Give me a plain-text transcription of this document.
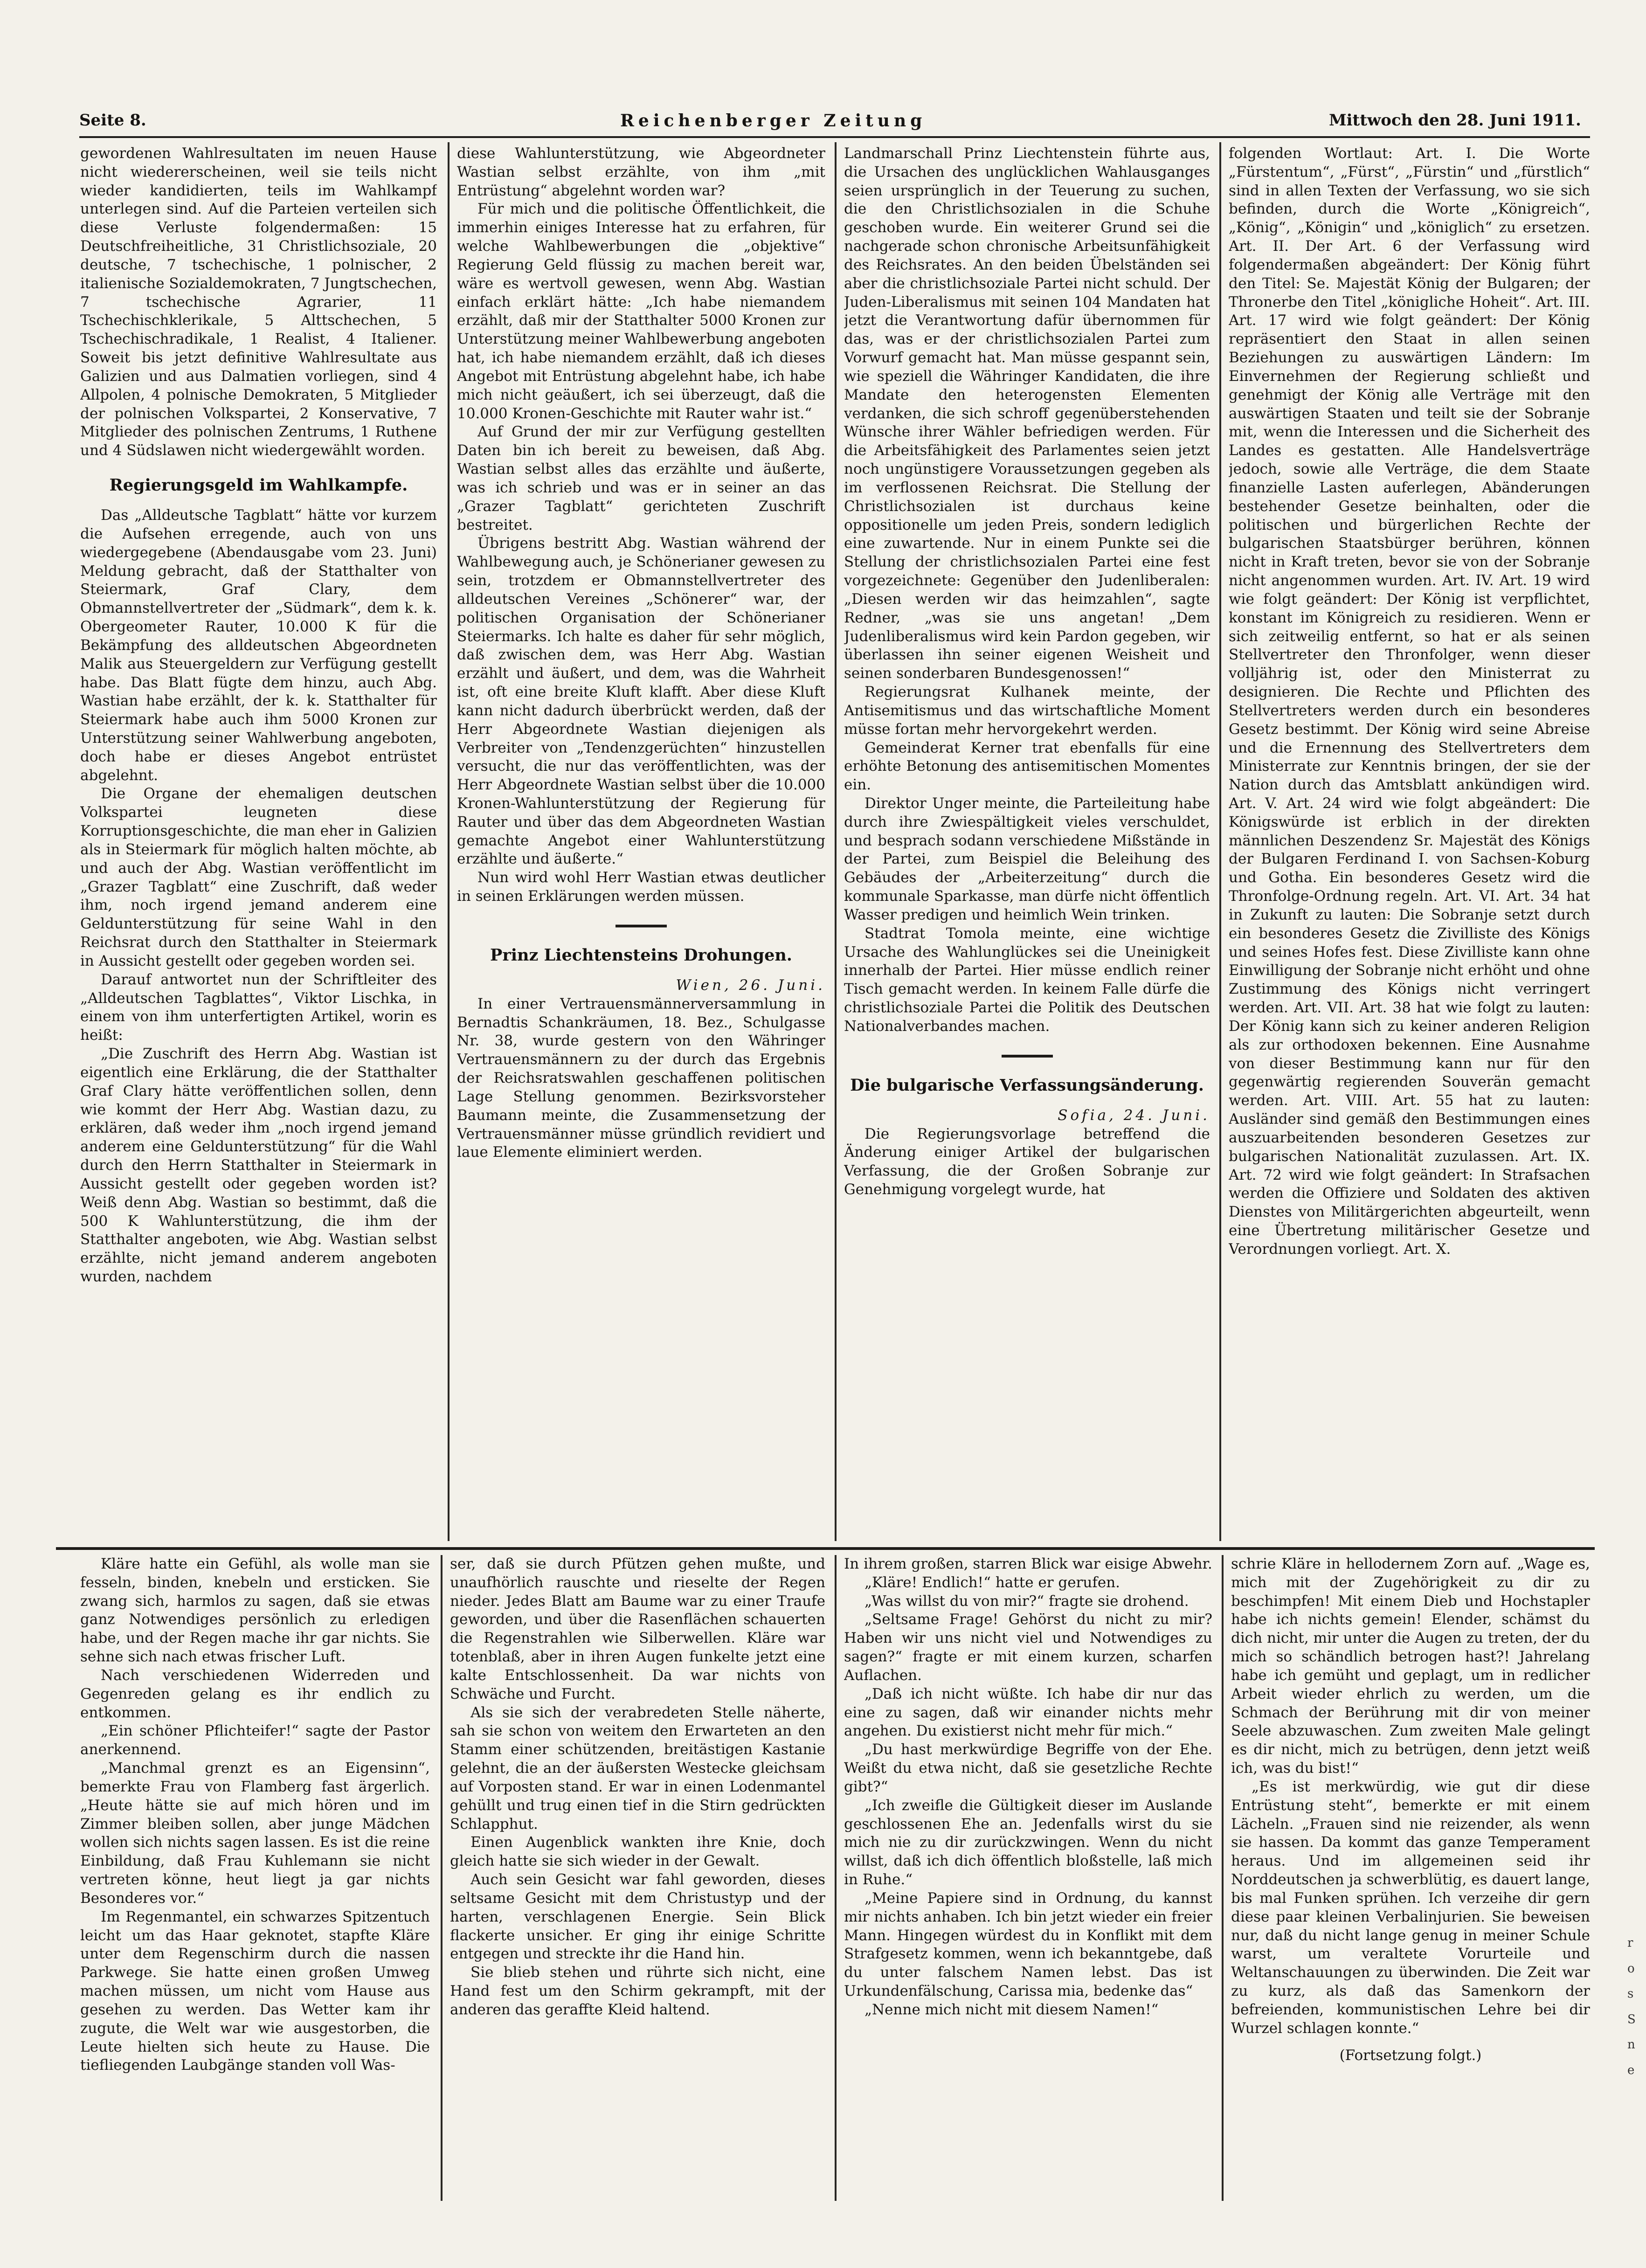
Seite 8.	Reichenberger Zeitung	Mittwoch den 28. Juni 1911.

gewordenen Wahlresultaten im neuen Hause nicht wiedererscheinen, weil sie teils nicht wieder kandidierten, teils im Wahlkampf unterlegen sind. Auf die Parteien verteilen sich diese Verluste folgendermaßen: 15 Deutschfreiheitliche, 31 Christlichsoziale, 20 deutsche, 7 tschechische, 1 polnischer, 2 italienische Sozialdemokraten, 7 Jungtschechen, 7 tschechische Agrarier, 11 Tschechischklerikale, 5 Alttschechen, 5 Tschechischradikale, 1 Realist, 4 Italiener. Soweit bis jetzt definitive Wahlresultate aus Galizien und aus Dalmatien vorliegen, sind 4 Allpolen, 4 polnische Demokraten, 5 Mitglieder der polnischen Volkspartei, 2 Konservative, 7 Mitglieder des polnischen Zentrums, 1 Ruthene und 4 Südslawen nicht wiedergewählt worden.

Regierungsgeld im Wahlkampfe.

Das „Alldeutsche Tagblatt“ hätte vor kurzem die Aufsehen erregende, auch von uns wiedergegebene (Abendausgabe vom 23. Juni) Meldung gebracht, daß der Statthalter von Steiermark, Graf Clary, dem Obmannstellvertreter der „Südmark“, dem k. k. Obergeometer Rauter, 10.000 K für die Bekämpfung des alldeutschen Abgeordneten Malik aus Steuergeldern zur Verfügung gestellt habe. Das Blatt fügte dem hinzu, auch Abg. Wastian habe erzählt, der k. k. Statthalter für Steiermark habe auch ihm 5000 Kronen zur Unterstützung seiner Wahlwerbung angeboten, doch habe er dieses Angebot entrüstet abgelehnt.

Die Organe der ehemaligen deutschen Volkspartei leugneten diese Korruptionsgeschichte, die man eher in Galizien als in Steiermark für möglich halten möchte, ab und auch der Abg. Wastian veröffentlicht im „Grazer Tagblatt“ eine Zuschrift, daß weder ihm, noch irgend jemand anderem eine Geldunterstützung für seine Wahl in den Reichsrat durch den Statthalter in Steiermark in Aussicht gestellt oder gegeben worden sei.

Darauf antwortet nun der Schriftleiter des „Alldeutschen Tagblattes“, Viktor Lischka, in einem von ihm unterfertigten Artikel, worin es heißt:

„Die Zuschrift des Herrn Abg. Wastian ist eigentlich eine Erklärung, die der Statthalter Graf Clary hätte veröffentlichen sollen, denn wie kommt der Herr Abg. Wastian dazu, zu erklären, daß weder ihm „noch irgend jemand anderem eine Geldunterstützung“ für die Wahl durch den Herrn Statthalter in Steiermark in Aussicht gestellt oder gegeben worden ist? Weiß denn Abg. Wastian so bestimmt, daß die 500 K Wahlunterstützung, die ihm der Statthalter angeboten, wie Abg. Wastian selbst erzählte, nicht jemand anderem angeboten wurden, nachdem

diese Wahlunterstützung, wie Abgeordneter Wastian selbst erzählte, von ihm „mit Entrüstung“ abgelehnt worden war?

Für mich und die politische Öffentlichkeit, die immerhin einiges Interesse hat zu erfahren, für welche Wahlbewerbungen die „objektive“ Regierung Geld flüssig zu machen bereit war, wäre es wertvoll gewesen, wenn Abg. Wastian einfach erklärt hätte: „Ich habe niemandem erzählt, daß mir der Statthalter 5000 Kronen zur Unterstützung meiner Wahlbewerbung angeboten hat, ich habe niemandem erzählt, daß ich dieses Angebot mit Entrüstung abgelehnt habe, ich habe mich nicht geäußert, ich sei überzeugt, daß die 10.000 Kronen-Geschichte mit Rauter wahr ist.“

Auf Grund der mir zur Verfügung gestellten Daten bin ich bereit zu beweisen, daß Abg. Wastian selbst alles das erzählte und äußerte, was ich schrieb und was er in seiner an das „Grazer Tagblatt“ gerichteten Zuschrift bestreitet.

Übrigens bestritt Abg. Wastian während der Wahlbewegung auch, je Schönerianer gewesen zu sein, trotzdem er Obmannstellvertreter des alldeutschen Vereines „Schönerer“ war, der politischen Organisation der Schönerianer Steiermarks. Ich halte es daher für sehr möglich, daß zwischen dem, was Herr Abg. Wastian erzählt und äußert, und dem, was die Wahrheit ist, oft eine breite Kluft klafft. Aber diese Kluft kann nicht dadurch überbrückt werden, daß der Herr Abgeordnete Wastian diejenigen als Verbreiter von „Tendenzgerüchten“ hinzustellen versucht, die nur das veröffentlichten, was der Herr Abgeordnete Wastian selbst über die 10.000 Kronen-Wahlunterstützung der Regierung für Rauter und über das dem Abgeordneten Wastian gemachte Angebot einer Wahlunterstützung erzählte und äußerte.“

Nun wird wohl Herr Wastian etwas deutlicher in seinen Erklärungen werden müssen.

Prinz Liechtensteins Drohungen.

Wien, 26. Juni.

In einer Vertrauensmännerversammlung in Bernadtis Schankräumen, 18. Bez., Schulgasse Nr. 38, wurde gestern von den Währinger Vertrauensmännern zu der durch das Ergebnis der Reichsratswahlen geschaffenen politischen Lage Stellung genommen. Bezirksvorsteher Baumann meinte, die Zusammensetzung der Vertrauensmänner müsse gründlich revidiert und laue Elemente eliminiert werden.

Landmarschall Prinz Liechtenstein führte aus, die Ursachen des unglücklichen Wahlausganges seien ursprünglich in der Teuerung zu suchen, die den Christlichsozialen in die Schuhe geschoben wurde. Ein weiterer Grund sei die nachgerade schon chronische Arbeitsunfähigkeit des Reichsrates. An den beiden Übelständen sei aber die christlichsoziale Partei nicht schuld. Der Juden-Liberalismus mit seinen 104 Mandaten hat jetzt die Verantwortung dafür übernommen für das, was er der christlichsozialen Partei zum Vorwurf gemacht hat. Man müsse gespannt sein, wie speziell die Währinger Kandidaten, die ihre Mandate den heterogensten Elementen verdanken, die sich schroff gegenüberstehenden Wünsche ihrer Wähler befriedigen werden. Für die Arbeitsfähigkeit des Parlamentes seien jetzt noch ungünstigere Voraussetzungen gegeben als im verflossenen Reichsrat. Die Stellung der Christlichsozialen ist durchaus keine oppositionelle um jeden Preis, sondern lediglich eine zuwartende. Nur in einem Punkte sei die Stellung der christlichsozialen Partei eine fest vorgezeichnete: Gegenüber den Judenliberalen: „Diesen werden wir das heimzahlen“, sagte Redner, „was sie uns angetan! „Dem Judenliberalismus wird kein Pardon gegeben, wir überlassen ihn seiner eigenen Weisheit und seinen sonderbaren Bundesgenossen!“

Regierungsrat Kulhanek meinte, der Antisemitismus und das wirtschaftliche Moment müsse fortan mehr hervorgekehrt werden.

Gemeinderat Kerner trat ebenfalls für eine erhöhte Betonung des antisemitischen Momentes ein.

Direktor Unger meinte, die Parteileitung habe durch ihre Zwiespältigkeit vieles verschuldet, und besprach sodann verschiedene Mißstände in der Partei, zum Beispiel die Beleihung des Gebäudes der „Arbeiterzeitung“ durch die kommunale Sparkasse, man dürfe nicht öffentlich Wasser predigen und heimlich Wein trinken.

Stadtrat Tomola meinte, eine wichtige Ursache des Wahlunglückes sei die Uneinigkeit innerhalb der Partei. Hier müsse endlich reiner Tisch gemacht werden. In keinem Falle dürfe die christlichsoziale Partei die Politik des Deutschen Nationalverbandes machen.

Die bulgarische Verfassungsänderung.

Sofia, 24. Juni.

Die Regierungsvorlage betreffend die Änderung einiger Artikel der bulgarischen Verfassung, die der Großen Sobranje zur Genehmigung vorgelegt wurde, hat

folgenden Wortlaut: Art. I. Die Worte „Fürstentum“, „Fürst“, „Fürstin“ und „fürstlich“ sind in allen Texten der Verfassung, wo sie sich befinden, durch die Worte „Königreich“, „König“, „Königin“ und „königlich“ zu ersetzen. Art. II. Der Art. 6 der Verfassung wird folgendermaßen abgeändert: Der König führt den Titel: Se. Majestät König der Bulgaren; der Thronerbe den Titel „königliche Hoheit“. Art. III. Art. 17 wird wie folgt geändert: Der König repräsentiert den Staat in allen seinen Beziehungen zu auswärtigen Ländern: Im Einvernehmen der Regierung schließt und genehmigt der König alle Verträge mit den auswärtigen Staaten und teilt sie der Sobranje mit, wenn die Interessen und die Sicherheit des Landes es gestatten. Alle Handelsverträge jedoch, sowie alle Verträge, die dem Staate finanzielle Lasten auferlegen, Abänderungen bestehender Gesetze beinhalten, oder die politischen und bürgerlichen Rechte der bulgarischen Staatsbürger berühren, können nicht in Kraft treten, bevor sie von der Sobranje nicht angenommen wurden. Art. IV. Art. 19 wird wie folgt geändert: Der König ist verpflichtet, konstant im Königreich zu residieren. Wenn er sich zeitweilig entfernt, so hat er als seinen Stellvertreter den Thronfolger, wenn dieser volljährig ist, oder den Ministerrat zu designieren. Die Rechte und Pflichten des Stellvertreters werden durch ein besonderes Gesetz bestimmt. Der König wird seine Abreise und die Ernennung des Stellvertreters dem Ministerrate zur Kenntnis bringen, der sie der Nation durch das Amtsblatt ankündigen wird. Art. V. Art. 24 wird wie folgt abgeändert: Die Königswürde ist erblich in der direkten männlichen Deszendenz Sr. Majestät des Königs der Bulgaren Ferdinand I. von Sachsen-Koburg und Gotha. Ein besonderes Gesetz wird die Thronfolge-Ordnung regeln. Art. VI. Art. 34 hat in Zukunft zu lauten: Die Sobranje setzt durch ein besonderes Gesetz die Zivilliste des Königs und seines Hofes fest. Diese Zivilliste kann ohne Einwilligung der Sobranje nicht erhöht und ohne Zustimmung des Königs nicht verringert werden. Art. VII. Art. 38 hat wie folgt zu lauten: Der König kann sich zu keiner anderen Religion als zur orthodoxen bekennen. Eine Ausnahme von dieser Bestimmung kann nur für den gegenwärtig regierenden Souverän gemacht werden. Art. VIII. Art. 55 hat zu lauten: Ausländer sind gemäß den Bestimmungen eines auszuarbeitenden besonderen Gesetzes zur bulgarischen Nationalität zuzulassen. Art. IX. Art. 72 wird wie folgt geändert: In Strafsachen werden die Offiziere und Soldaten des aktiven Dienstes von Militärgerichten abgeurteilt, wenn eine Übertretung militärischer Gesetze und Verordnungen vorliegt. Art. X.

Kläre hatte ein Gefühl, als wolle man sie fesseln, binden, knebeln und ersticken. Sie zwang sich, harmlos zu sagen, daß sie etwas ganz Notwendiges persönlich zu erledigen habe, und der Regen mache ihr gar nichts. Sie sehne sich nach etwas frischer Luft.

Nach verschiedenen Widerreden und Gegenreden gelang es ihr endlich zu entkommen.

„Ein schöner Pflichteifer!“ sagte der Pastor anerkennend.

„Manchmal grenzt es an Eigensinn“, bemerkte Frau von Flamberg fast ärgerlich. „Heute hätte sie auf mich hören und im Zimmer bleiben sollen, aber junge Mädchen wollen sich nichts sagen lassen. Es ist die reine Einbildung, daß Frau Kuhlemann sie nicht vertreten könne, heut liegt ja gar nichts Besonderes vor.“

Im Regenmantel, ein schwarzes Spitzentuch leicht um das Haar geknotet, stapfte Kläre unter dem Regenschirm durch die nassen Parkwege. Sie hatte einen großen Umweg machen müssen, um nicht vom Hause aus gesehen zu werden. Das Wetter kam ihr zugute, die Welt war wie ausgestorben, die Leute hielten sich heute zu Hause. Die tiefliegenden Laubgänge standen voll Was-

ser, daß sie durch Pfützen gehen mußte, und unaufhörlich rauschte und rieselte der Regen nieder. Jedes Blatt am Baume war zu einer Traufe geworden, und über die Rasenflächen schauerten die Regenstrahlen wie Silberwellen. Kläre war totenblaß, aber in ihren Augen funkelte jetzt eine kalte Entschlossenheit. Da war nichts von Schwäche und Furcht.

Als sie sich der verabredeten Stelle näherte, sah sie schon von weitem den Erwarteten an den Stamm einer schützenden, breitästigen Kastanie gelehnt, die an der äußersten Westecke gleichsam auf Vorposten stand. Er war in einen Lodenmantel gehüllt und trug einen tief in die Stirn gedrückten Schlapphut.

Einen Augenblick wankten ihre Knie, doch gleich hatte sie sich wieder in der Gewalt.

Auch sein Gesicht war fahl geworden, dieses seltsame Gesicht mit dem Christustyp und der harten, verschlagenen Energie. Sein Blick flackerte unsicher. Er ging ihr einige Schritte entgegen und streckte ihr die Hand hin.

Sie blieb stehen und rührte sich nicht, eine Hand fest um den Schirm gekrampft, mit der anderen das geraffte Kleid haltend.

In ihrem großen, starren Blick war eisige Abwehr.

„Kläre! Endlich!“ hatte er gerufen.

„Was willst du von mir?“ fragte sie drohend.

„Seltsame Frage! Gehörst du nicht zu mir? Haben wir uns nicht viel und Notwendiges zu sagen?“ fragte er mit einem kurzen, scharfen Auflachen.

„Daß ich nicht wüßte. Ich habe dir nur das eine zu sagen, daß wir einander nichts mehr angehen. Du existierst nicht mehr für mich.“

„Du hast merkwürdige Begriffe von der Ehe. Weißt du etwa nicht, daß sie gesetzliche Rechte gibt?“

„Ich zweifle die Gültigkeit dieser im Auslande geschlossenen Ehe an. Jedenfalls wirst du sie mich nie zu dir zurückzwingen. Wenn du nicht willst, daß ich dich öffentlich bloßstelle, laß mich in Ruhe.“

„Meine Papiere sind in Ordnung, du kannst mir nichts anhaben. Ich bin jetzt wieder ein freier Mann. Hingegen würdest du in Konflikt mit dem Strafgesetz kommen, wenn ich bekanntgebe, daß du unter falschem Namen lebst. Das ist Urkundenfälschung, Carissa mia, bedenke das“

„Nenne mich nicht mit diesem Namen!“

schrie Kläre in hellodernem Zorn auf. „Wage es, mich mit der Zugehörigkeit zu dir zu beschimpfen! Mit einem Dieb und Hochstapler habe ich nichts gemein! Elender, schämst du dich nicht, mir unter die Augen zu treten, der du mich so schändlich betrogen hast?! Jahrelang habe ich gemüht und geplagt, um in redlicher Arbeit wieder ehrlich zu werden, um die Schmach der Berührung mit dir von meiner Seele abzuwaschen. Zum zweiten Male gelingt es dir nicht, mich zu betrügen, denn jetzt weiß ich, was du bist!“

„Es ist merkwürdig, wie gut dir diese Entrüstung steht“, bemerkte er mit einem Lächeln. „Frauen sind nie reizender, als wenn sie hassen. Da kommt das ganze Temperament heraus. Und im allgemeinen seid ihr Norddeutschen ja schwerblütig, es dauert lange, bis mal Funken sprühen. Ich verzeihe dir gern diese paar kleinen Verbalinjurien. Sie beweisen nur, daß du nicht lange genug in meiner Schule warst, um veraltete Vorurteile und Weltanschauungen zu überwinden. Die Zeit war zu kurz, als daß das Samenkorn der befreienden, kommunistischen Lehre bei dir Wurzel schlagen konnte.“

(Fortsetzung folgt.)

r
o
s
S
n
e
